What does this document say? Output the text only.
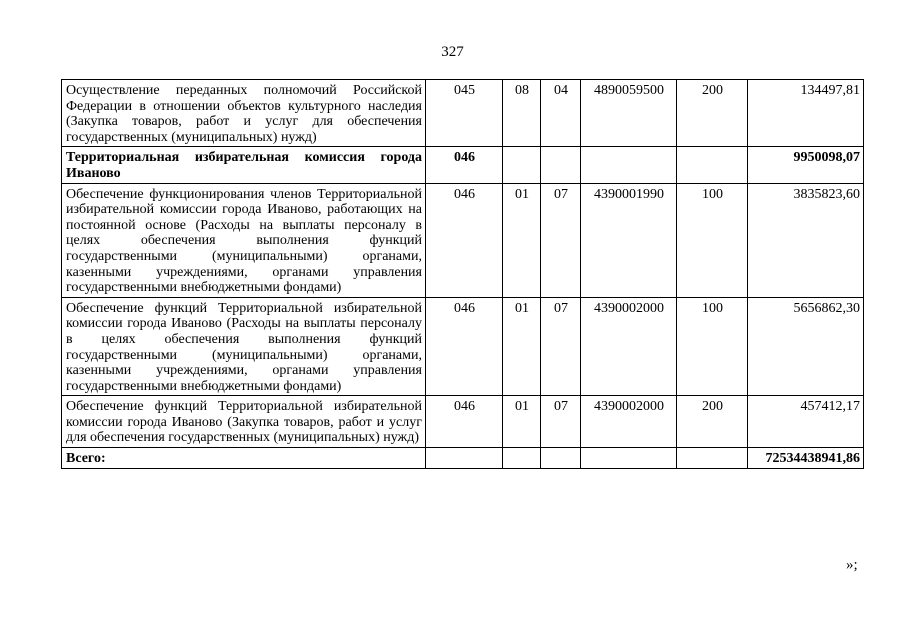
327
Осуществление переданных полномочий Российской Федерации в отношении объектов культурного наследия (Закупка товаров, работ и услуг для обеспечения государственных (муниципальных) нужд)	045	08	04	4890059500	200	134497,81
Территориальная избирательная комиссия города Иваново	046					9950098,07
Обеспечение функционирования членов Территориальной избирательной комиссии города Иваново, работающих на постоянной основе (Расходы на выплаты персоналу в целях обеспечения выполнения функций государственными (муниципальными) органами, казенными учреждениями, органами управления государственными внебюджетными фондами)	046	01	07	4390001990	100	3835823,60
Обеспечение функций Территориальной избирательной комиссии города Иваново (Расходы на выплаты персоналу в целях обеспечения выполнения функций государственными (муниципальными) органами, казенными учреждениями, органами управления государственными внебюджетными фондами)	046	01	07	4390002000	100	5656862,30
Обеспечение функций Территориальной избирательной комиссии города Иваново (Закупка товаров, работ и услуг для обеспечения государственных (муниципальных) нужд)	046	01	07	4390002000	200	457412,17
Всего:						72534438941,86
»;
